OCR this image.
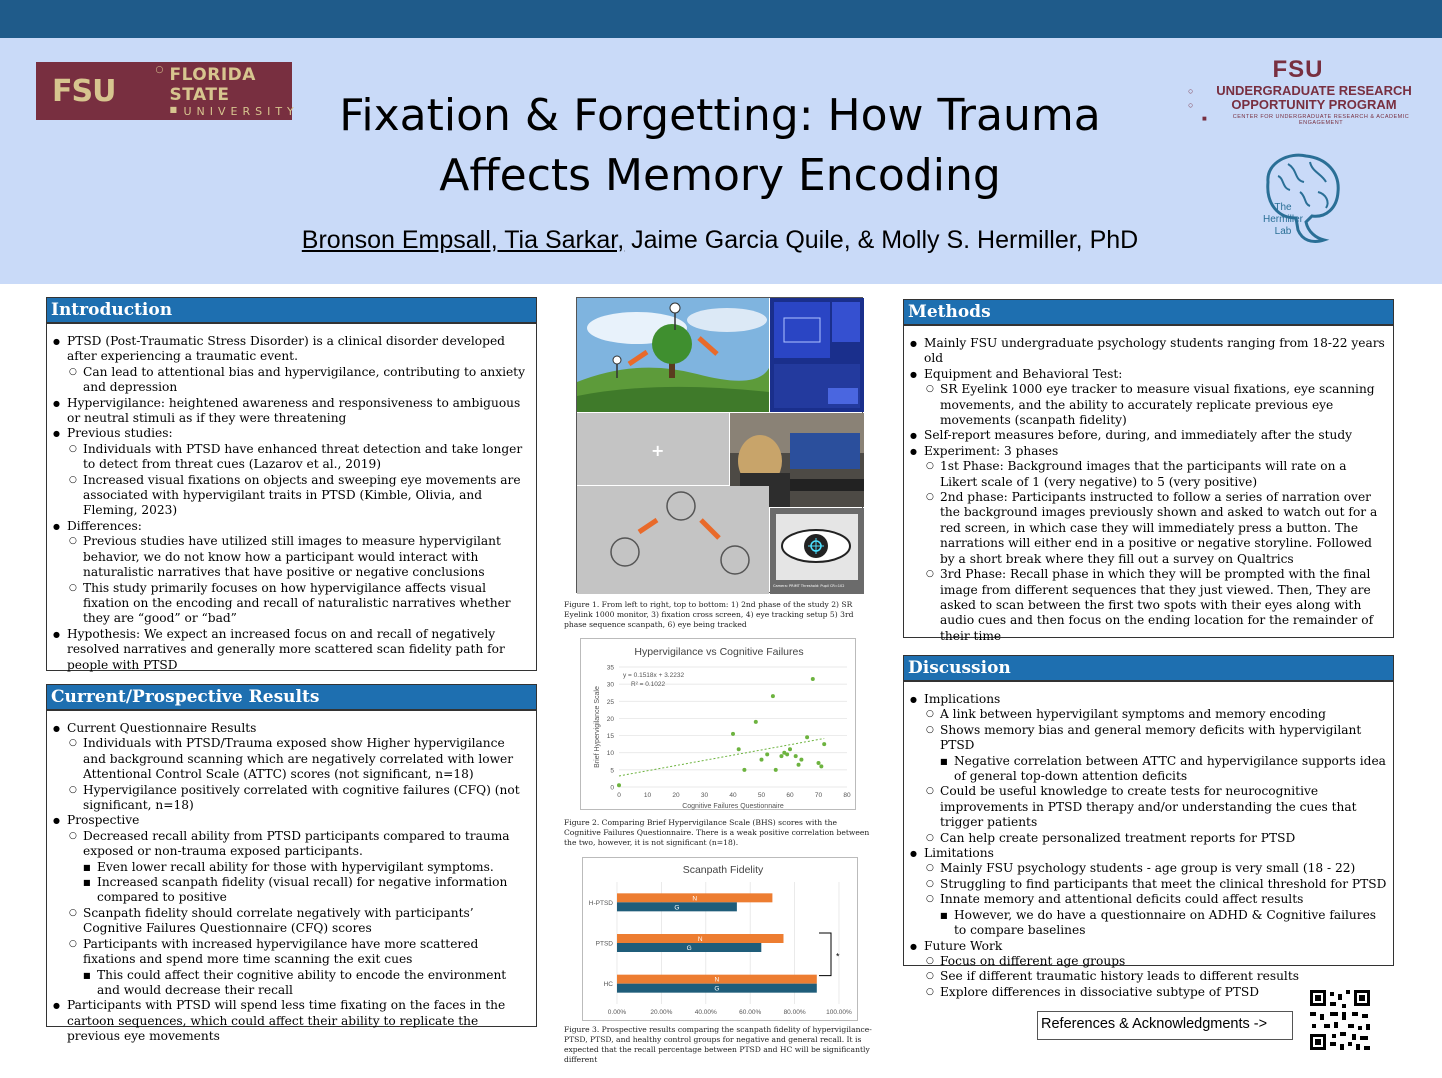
FSU
○	FLORIDA STATE
■ UNIVERSITY Fixation & Forgetting: How Trauma
Affects Memory Encoding
Bronson Empsall, Tia Sarkar, Jaime Garcia Quile, & Molly S. Hermiller, PhD
FSU
○ UNDERGRADUATE RESEARCH
○ OPPORTUNITY PROGRAM
■ CENTER FOR UNDERGRADUATE RESEARCH & ACADEMIC ENGAGEMENT
The
Hermiller
Lab
Introduction
● PTSD (Post-Traumatic Stress Disorder) is a clinical disorder developed after experiencing a traumatic event.
○ Can lead to attentional bias and hypervigilance, contributing to anxiety and depression
● Hypervigilance: heightened awareness and responsiveness to ambiguous or neutral stimuli as if they were threatening
● Previous studies:
○ Individuals with PTSD have enhanced threat detection and take longer to detect from threat cues (Lazarov et al., 2019)
○ Increased visual fixations on objects and sweeping eye movements are associated with hypervigilant traits in PTSD (Kimble, Olivia, and Fleming, 2023)
● Differences:
○ Previous studies have utilized still images to measure hypervigilant behavior, we do not know how a participant would interact with naturalistic narratives that have positive or negative conclusions
○ This study primarily focuses on how hypervigilance affects visual fixation on the encoding and recall of naturalistic narratives whether they are “good” or “bad”
● Hypothesis: We expect an increased focus on and recall of negatively resolved narratives and generally more scattered scan fidelity path for people with PTSD
Current/Prospective Results
● Current Questionnaire Results
○ Individuals with PTSD/Trauma exposed show Higher hypervigilance and background scanning which are negatively correlated with lower Attentional Control Scale (ATTC) scores (not significant, n=18)
○ Hypervigilance positively correlated with cognitive failures (CFQ) (not significant, n=18)
● Prospective
○ Decreased recall ability from PTSD participants compared to trauma exposed or non-trauma exposed participants.
■ Even lower recall ability for those with hypervigilant symptoms.
■ Increased scanpath fidelity (visual recall) for negative information compared to positive
○ Scanpath fidelity should correlate negatively with participants’ Cognitive Failures Questionnaire (CFQ) scores
○ Participants with increased hypervigilance have more scattered fixations and spend more time scanning the exit cues
■ This could affect their cognitive ability to encode the environment and would decrease their recall
● Participants with PTSD will spend less time fixating on the faces in the cartoon sequences, which could affect their ability to replicate the previous eye movements
Methods
● Mainly FSU undergraduate psychology students ranging from 18-22 years old
● Equipment and Behavioral Test:
○ SR Eyelink 1000 eye tracker to measure visual fixations, eye scanning movements, and the ability to accurately replicate previous eye movements (scanpath fidelity)
● Self-report measures before, during, and immediately after the study
● Experiment: 3 phases
○ 1st Phase: Background images that the participants will rate on a Likert scale of 1 (very negative) to 5 (very positive)
○ 2nd phase: Participants instructed to follow a series of narration over the background images previously shown and asked to watch out for a red screen, in which case they will immediately press a button. The narrations will either end in a positive or negative storyline. Followed by a short break where they fill out a survey on Qualtrics
○ 3rd Phase: Recall phase in which they will be prompted with the final image from different sequences that they just viewed. Then, They are asked to scan between the first two spots with their eyes along with audio cues and then focus on the ending location for the remainder of their time
Discussion
● Implications
○ A link between hypervigilant symptoms and memory encoding
○ Shows memory bias and general memory deficits with hypervigilant PTSD
■ Negative correlation between ATTC and hypervigilance supports idea of general top-down attention deficits
○ Could be useful knowledge to create tests for neurocognitive improvements in PTSD therapy and/or understanding the cues that trigger patients
○ Can help create personalized treatment reports for PTSD
● Limitations
○ Mainly FSU psychology students - age group is very small (18 - 22)
○ Struggling to find participants that meet the clinical threshold for PTSD
○ Innate memory and attentional deficits could affect results
■ However, we do have a questionnaire on ADHD & Cognitive failures to compare baselines
● Future Work
○ Focus on different age groups
○ See if different traumatic history leads to different results
○ Explore differences in dissociative subtype of PTSD
+
Camera: PRIMT Threshold: Pupil CR=102
Figure 1. From left to right, top to bottom: 1) 2nd phase of the study 2) SR Eyelink 1000 monitor, 3) fixation cross screen, 4) eye tracking setup 5) 3rd phase sequence scanpath, 6) eye being tracked
Hypervigilance vs Cognitive Failures
0
5
10
15
20
25
30
35
0	10	20	30	40	50	60	70	80
Cognitive Failures Questionnaire
Brief Hypervigilance Scale
y = 0.1518x + 3.2232
R² = 0.1022
Figure 2. Comparing Brief Hypervigilance Scale (BHS) scores with the Cognitive Failures Questionnaire. There is a weak positive correlation between the two, however, it is not significant (n=18).
Scanpath Fidelity
0.00%	20.00%	40.00%	60.00%	80.00%	100.00%
H-PTSD
N
G
PTSD
N
G
HC
N
G
*
Figure 3. Prospective results comparing the scanpath fidelity of hypervigilance-PTSD, PTSD, and healthy control groups for negative and general recall. It is expected that the recall percentage between PTSD and HC will be significantly different
References & Acknowledgments ->
